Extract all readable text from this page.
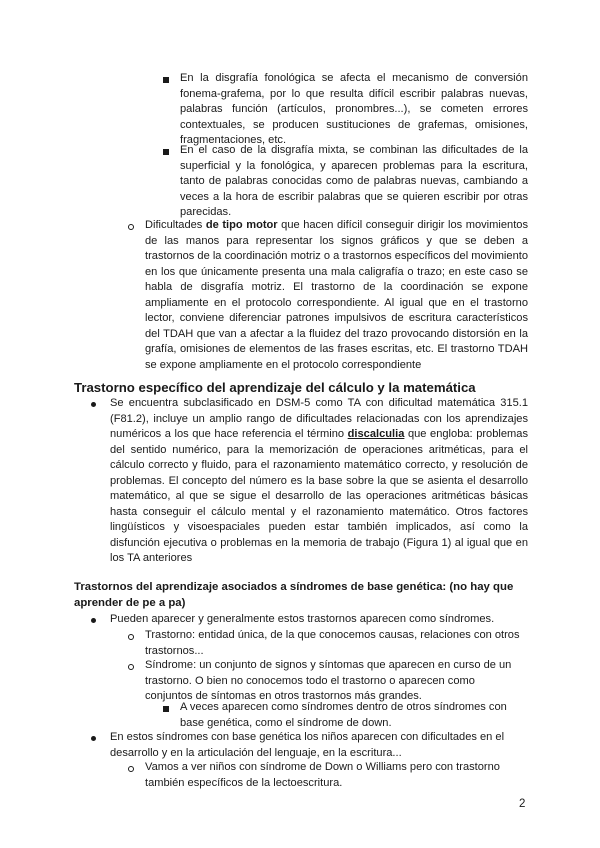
En la disgrafía fonológica se afecta el mecanismo de conversión fonema-grafema, por lo que resulta difícil escribir palabras nuevas, palabras función (artículos, pronombres...), se cometen errores contextuales, se producen sustituciones de grafemas, omisiones, fragmentaciones, etc.

En el caso de la disgrafía mixta, se combinan las dificultades de la superficial y la fonológica, y aparecen problemas para la escritura, tanto de palabras conocidas como de palabras nuevas, cambiando a veces a la hora de escribir palabras que se quieren escribir por otras parecidas.

Dificultades de tipo motor que hacen difícil conseguir dirigir los movimientos de las manos para representar los signos gráficos y que se deben a trastornos de la coordinación motriz o a trastornos específicos del movimiento en los que únicamente presenta una mala caligrafía o trazo; en este caso se habla de disgrafía motriz. El trastorno de la coordinación se expone ampliamente en el protocolo correspondiente. Al igual que en el trastorno lector, conviene diferenciar patrones impulsivos de escritura característicos del TDAH que van a afectar a la fluidez del trazo provocando distorsión en la grafía, omisiones de elementos de las frases escritas, etc. El trastorno TDAH se expone ampliamente en el protocolo correspondiente

Trastorno específico del aprendizaje del cálculo y la matemática

Se encuentra subclasificado en DSM-5 como TA con dificultad matemática 315.1 (F81.2), incluye un amplio rango de dificultades relacionadas con los aprendizajes numéricos a los que hace referencia el término discalculia que engloba: problemas del sentido numérico, para la memorización de operaciones aritméticas, para el cálculo correcto y fluido, para el razonamiento matemático correcto, y resolución de problemas. El concepto del número es la base sobre la que se asienta el desarrollo matemático, al que se sigue el desarrollo de las operaciones aritméticas básicas hasta conseguir el cálculo mental y el razonamiento matemático. Otros factores lingüísticos y visoespaciales pueden estar también implicados, así como la disfunción ejecutiva o problemas en la memoria de trabajo (Figura 1) al igual que en los TA anteriores

Trastornos del aprendizaje asociados a síndromes de base genética: (no hay que
aprender de pe a pa)

Pueden aparecer y generalmente estos trastornos aparecen como síndromes.

Trastorno: entidad única, de la que conocemos causas, relaciones con otros trastornos...

Síndrome: un conjunto de signos y síntomas que aparecen en curso de un trastorno. O bien no conocemos todo el trastorno o aparecen como conjuntos de síntomas en otros trastornos más grandes.

A veces aparecen como síndromes dentro de otros síndromes con base genética, como el síndrome de down.

En estos síndromes con base genética los niños aparecen con dificultades en el desarrollo y en la articulación del lenguaje, en la escritura...

Vamos a ver niños con síndrome de Down o Williams pero con trastorno también específicos de la lectoescritura.

2
